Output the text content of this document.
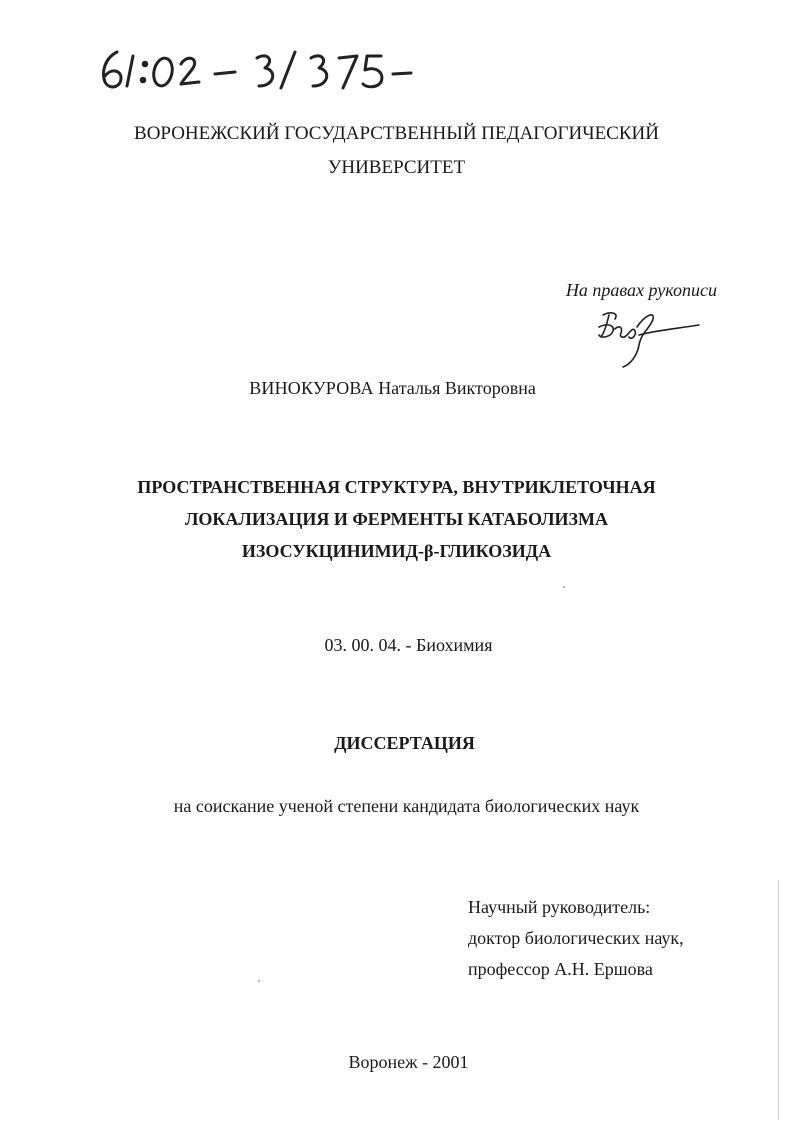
ВОРОНЕЖСКИЙ ГОСУДАРСТВЕННЫЙ ПЕДАГОГИЧЕСКИЙ
УНИВЕРСИТЕТ
На правах рукописи
ВИНОКУРОВА Наталья Викторовна
ПРОСТРАНСТВЕННАЯ СТРУКТУРА, ВНУТРИКЛЕТОЧНАЯ
ЛОКАЛИЗАЦИЯ И ФЕРМЕНТЫ КАТАБОЛИЗМА
ИЗОСУКЦИНИМИД-β-ГЛИКОЗИДА
03. 00. 04. - Биохимия
ДИССЕРТАЦИЯ
на соискание ученой степени кандидата биологических наук
Научный руководитель:
доктор биологических наук,
профессор А.Н. Ершова
Воронеж - 2001
